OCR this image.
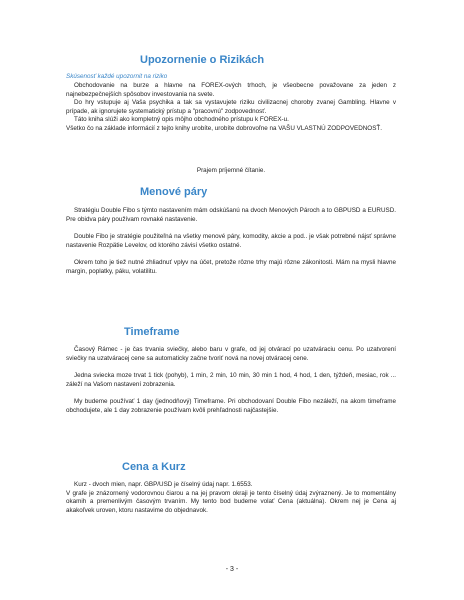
Upozornenie o Rizikách
Skúsenosť každé upozornit na riziko

Obchodovanie na burze a hlavne na FOREX-ových trhoch, je všeobecne považovane za jeden z najnebezpečnejších spôsobov investovania na svete.

Do hry vstupuje aj Vaša psychika a tak sa vystavujete riziku civilizacnej choroby zvanej Gambling. Hlavne v prípade, ak ignorujete systematický prístup a "pracovnú" zodpovednosť.

Táto kniha slúži ako kompletný opis môjho obchodného prístupu k FOREX-u.

Všetko čo na základe informácií z tejto knihy urobíte, urobíte dobrovoľne na VAŠU VLASTNÚ ZODPOVEDNOSŤ.

Prajem príjemné čítanie.
Menové páry

Stratégiu Double Fibo s týmto nastavením mám odskúšanú na dvoch Menových Pároch a to GBPUSD a EURUSD. Pre obidva páry používam rovnaké nastavenie.

Double Fibo je stratégie použiteľná na všetky menové páry, komodity, akcie a pod.. je však potrebné nájsť správne nastavenie Rozpätie Levelov, od ktorého závisí všetko ostatné.

Okrem toho je tiež nutné zhliadnuť vplyv na účet, pretože rôzne trhy majú rôzne zákonitosti. Mám na mysli hlavne margin, poplatky, páku, volatilitu.

Timeframe

Časový Rámec - je čas trvania sviečky, alebo baru v grafe, od jej otvárací po uzatváraciu cenu. Po uzatvorení sviečky na uzatváracej cene sa automaticky začne tvoriť nová na novej otváracej cene.

Jedna sviecka moze trvat 1 tick (pohyb), 1 min, 2 min, 10 min, 30 min 1 hod, 4 hod, 1 den, týždeň, mesiac, rok ... záleží na Vašom nastavení zobrazenia.

My budeme používať 1 day (jednodňový) Timeframe. Pri obchodovaní Double Fibo nezáleží, na akom timeframe obchodujete, ale 1 day zobrazenie používam kvôli prehľadnosti najčastejšie.

Cena a Kurz

Kurz - dvoch mien, napr. GBP/USD je číselný údaj napr. 1.6553.

V grafe je znázornený vodorovnou čiarou a na jej pravom okraji je tento číselný údaj zvýraznený. Je to momentálny okamih a premenlivým časovým trvaním. My tento bod budeme volať Cena (aktuálna). Okrem nej je Cena aj akakoľvek uroven, ktoru nastavime do objednavok.

- 3 -
